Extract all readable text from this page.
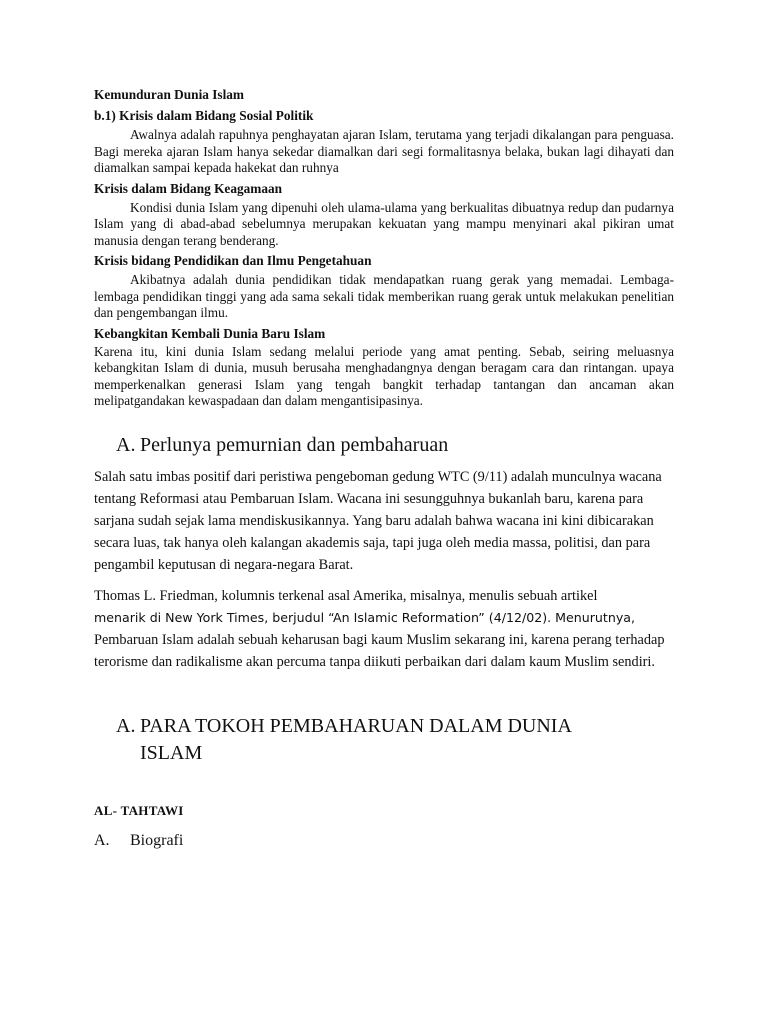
Kemunduran Dunia Islam

b.1) Krisis dalam Bidang Sosial Politik

Awalnya adalah rapuhnya penghayatan ajaran Islam, terutama yang terjadi dikalangan para penguasa. Bagi mereka ajaran Islam hanya sekedar diamalkan dari segi formalitasnya belaka, bukan lagi dihayati dan diamalkan sampai kepada hakekat dan ruhnya

Krisis dalam Bidang Keagamaan

Kondisi dunia Islam yang dipenuhi oleh ulama-ulama yang berkualitas dibuatnya redup dan pudarnya Islam yang di abad-abad sebelumnya merupakan kekuatan yang mampu menyinari akal pikiran umat manusia dengan terang benderang.

Krisis bidang Pendidikan dan Ilmu Pengetahuan

Akibatnya adalah dunia pendidikan tidak mendapatkan ruang gerak yang memadai. Lembaga-lembaga pendidikan tinggi yang ada sama sekali tidak memberikan ruang gerak untuk melakukan penelitian dan pengembangan ilmu.

Kebangkitan Kembali Dunia Baru Islam

Karena itu, kini dunia Islam sedang melalui periode yang amat penting. Sebab, seiring meluasnya kebangkitan Islam di dunia, musuh berusaha menghadangnya dengan beragam cara dan rintangan. upaya memperkenalkan generasi Islam yang tengah bangkit terhadap tantangan dan ancaman akan melipatgandakan kewaspadaan dan dalam mengantisipasinya.

A. Perlunya pemurnian dan pembaharuan

Salah satu imbas positif dari peristiwa pengeboman gedung WTC (9/11) adalah munculnya wacana tentang Reformasi atau Pembaruan Islam. Wacana ini sesungguhnya bukanlah baru, karena para sarjana sudah sejak lama mendiskusikannya. Yang baru adalah bahwa wacana ini kini dibicarakan secara luas, tak hanya oleh kalangan akademis saja, tapi juga oleh media massa, politisi, dan para pengambil keputusan di negara-negara Barat.

Thomas L. Friedman, kolumnis terkenal asal Amerika, misalnya, menulis sebuah artikel

menarik di New York Times, berjudul “An Islamic Reformation” (4/12/02). Menurutnya,

Pembaruan Islam adalah sebuah keharusan bagi kaum Muslim sekarang ini, karena perang terhadap terorisme dan radikalisme akan percuma tanpa diikuti perbaikan dari dalam kaum Muslim sendiri.

A. PARA TOKOH PEMBAHARUAN DALAM DUNIA ISLAM

AL- TAHTAWI

A.	Biografi
